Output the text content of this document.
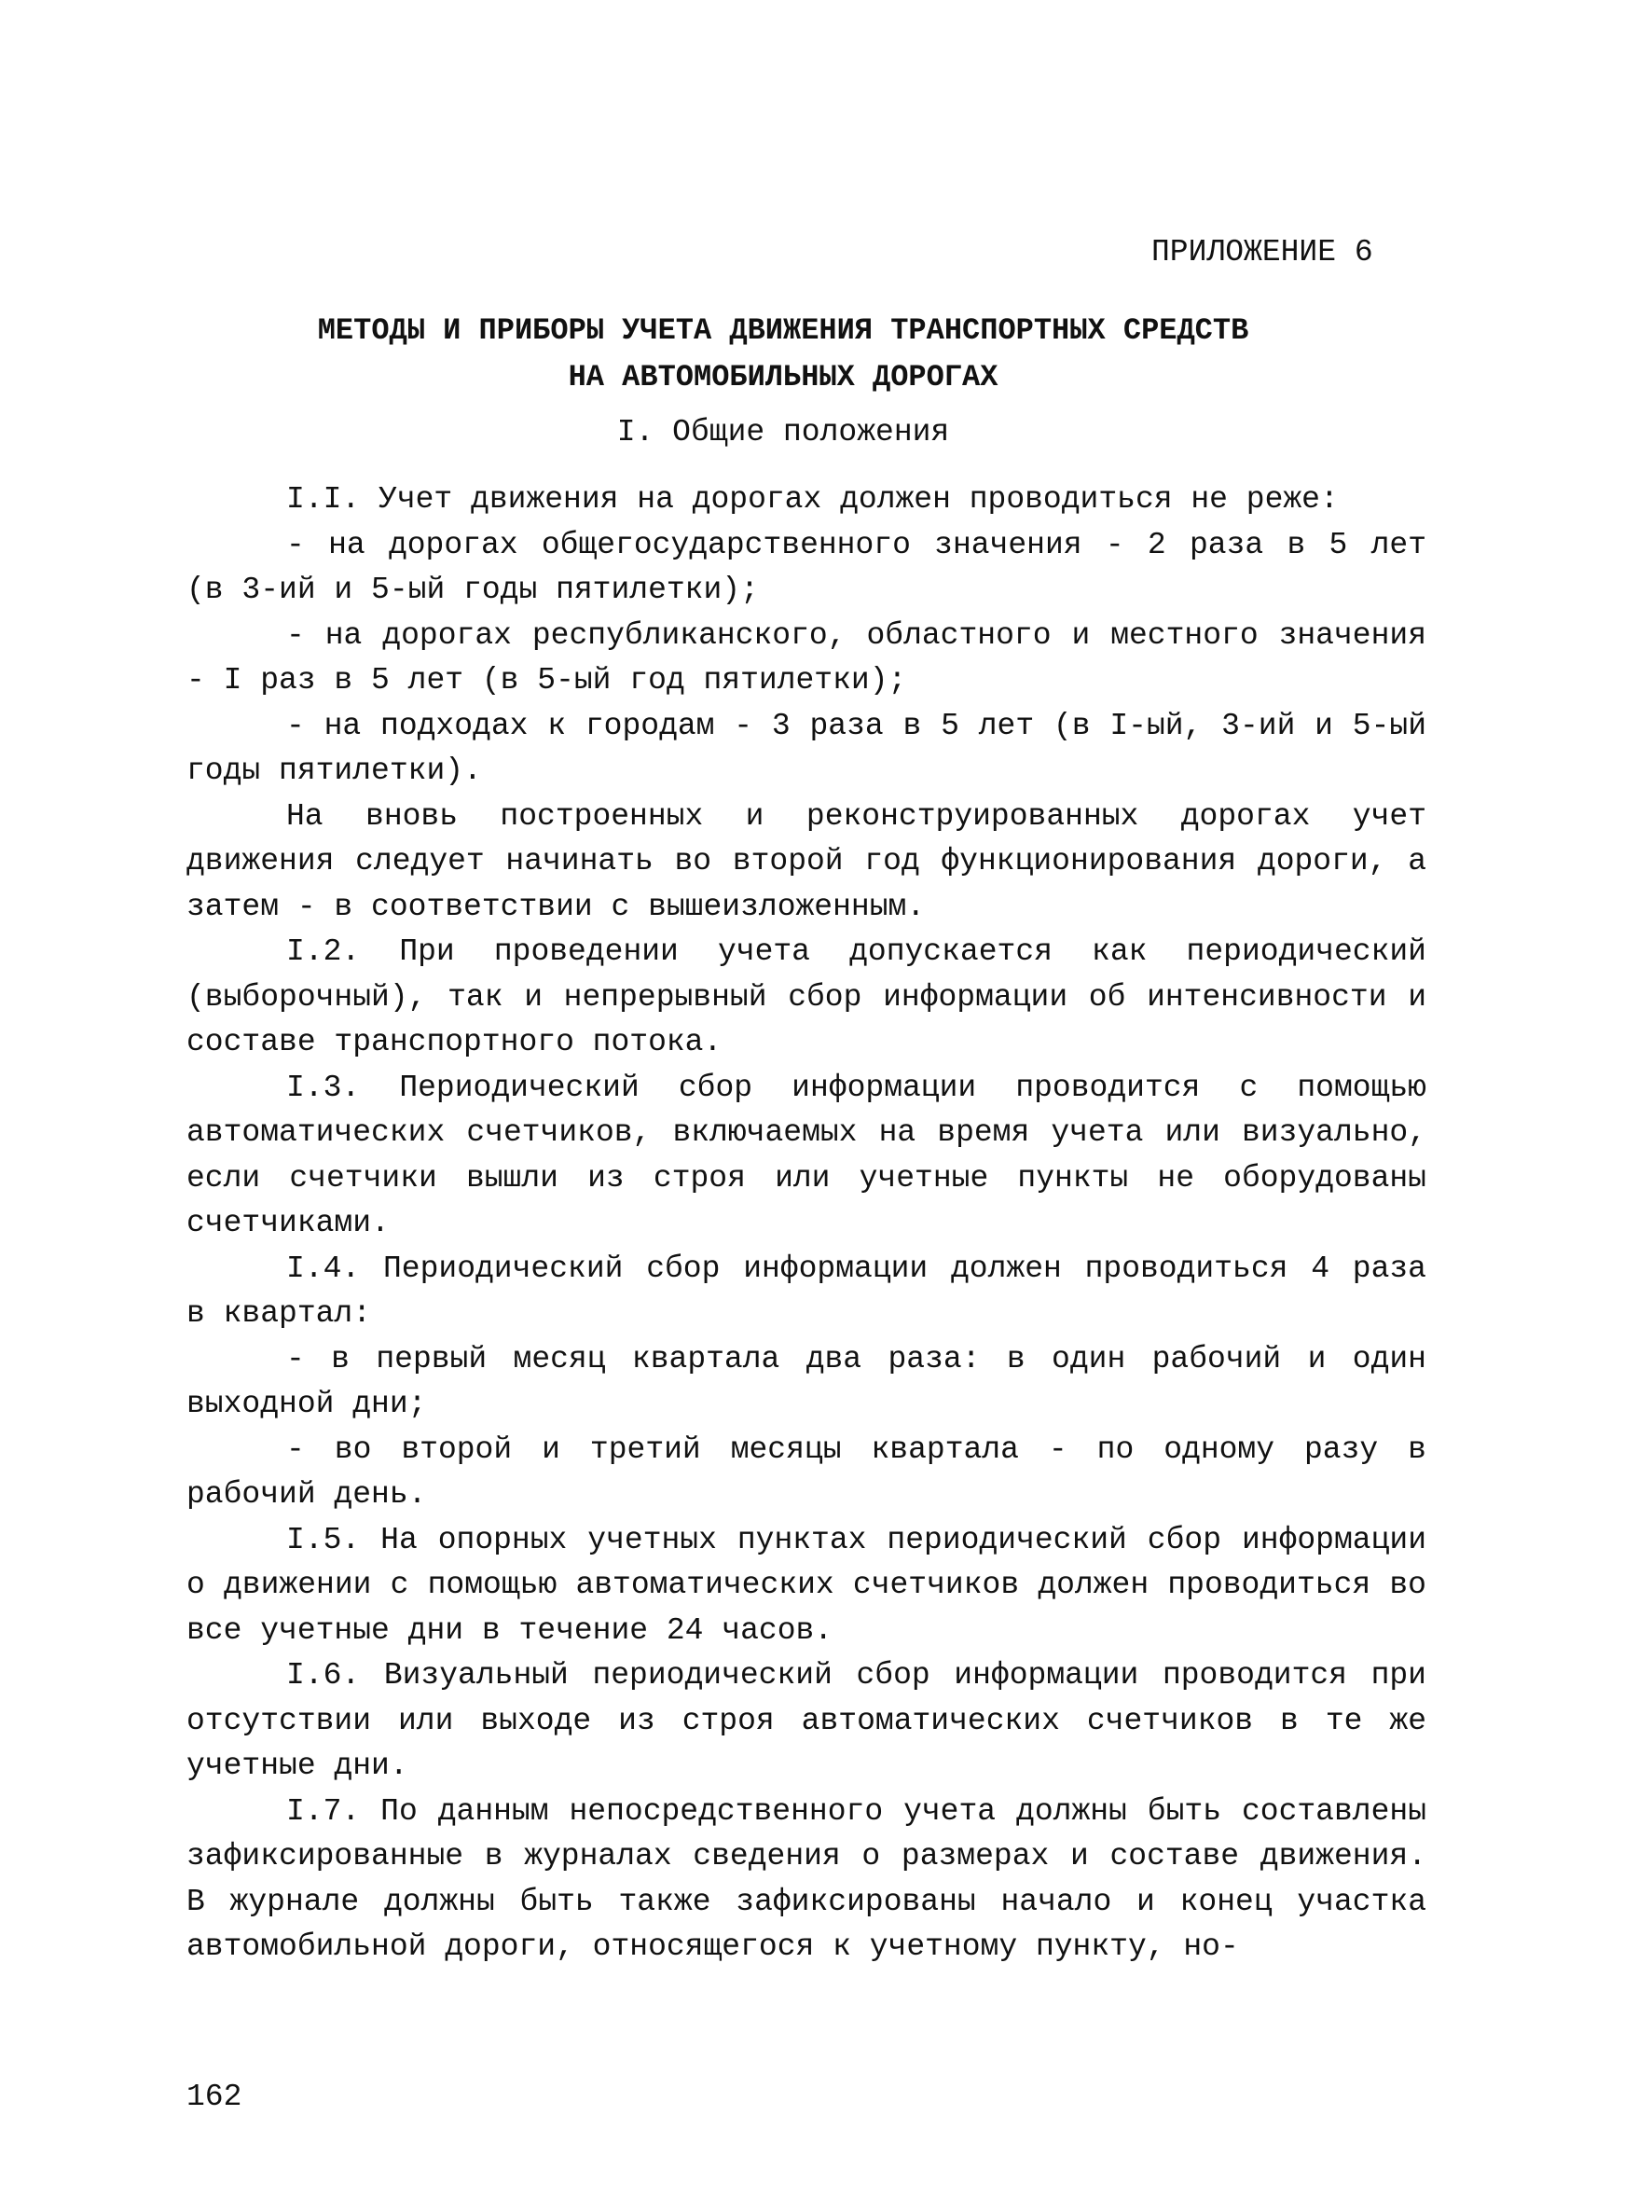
ПРИЛОЖЕНИЕ 6
МЕТОДЫ И ПРИБОРЫ УЧЕТА ДВИЖЕНИЯ ТРАНСПОРТНЫХ СРЕДСТВ
НА АВТОМОБИЛЬНЫХ ДОРОГАХ
I. Общие положения

I.I. Учет движения на дорогах должен проводиться не реже:

- на дорогах общегосударственного значения - 2 раза в 5 лет (в 3-ий и 5-ый годы пятилетки);

- на дорогах республиканского, областного и местного значения - I раз в 5 лет (в 5-ый год пятилетки);

- на подходах к городам - 3 раза в 5 лет (в I-ый, 3-ий и 5-ый годы пятилетки).

На вновь построенных и реконструированных дорогах учет движения следует начинать во второй год функционирования дороги, а затем - в соответствии с вышеизложенным.

I.2. При проведении учета допускается как периодический (выборочный), так и непрерывный сбор информации об интенсивности и составе транспортного потока.

I.3. Периодический сбор информации проводится с помощью автоматических счетчиков, включаемых на время учета или визуально, если счетчики вышли из строя или учетные пункты не оборудованы счетчиками.

I.4. Периодический сбор информации должен проводиться 4 раза в квартал:

- в первый месяц квартала два раза: в один рабочий и один выходной дни;

- во второй и третий месяцы квартала - по одному разу в рабочий день.

I.5. На опорных учетных пунктах периодический сбор информации о движении с помощью автоматических счетчиков должен проводиться во все учетные дни в течение 24 часов.

I.6. Визуальный периодический сбор информации проводится при отсутствии или выходе из строя автоматических счетчиков в те же учетные дни.

I.7. По данным непосредственного учета должны быть составлены зафиксированные в журналах сведения о размерах и составе движения. В журнале должны быть также зафиксированы начало и конец участка автомобильной дороги, относящегося к учетному пункту, но-

162
